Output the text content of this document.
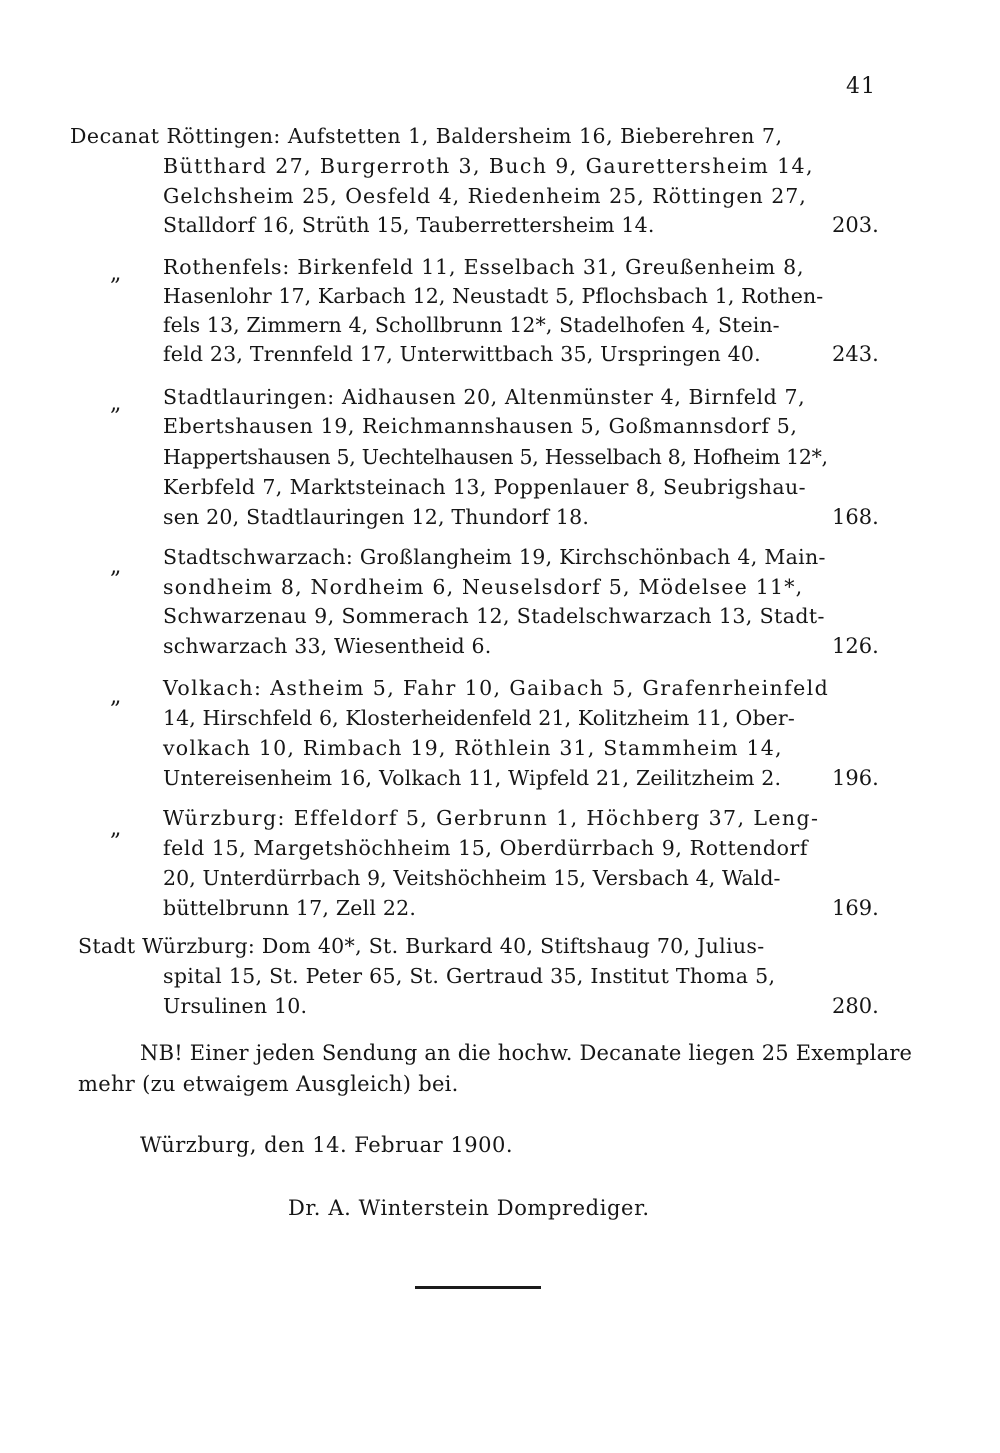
41
Decanat Röttingen: Aufstetten 1, Baldersheim 16, Bieberehren 7,
Bütthard 27, Burgerroth 3, Buch 9, Gaurettersheim 14,
Gelchsheim 25, Oesfeld 4, Riedenheim 25, Röttingen 27,
Stalldorf 16, Strüth 15, Tauberrettersheim 14.	203.
„ Rothenfels: Birkenfeld 11, Esselbach 31, Greußenheim 8,
Hasenlohr 17, Karbach 12, Neustadt 5, Pflochsbach 1, Rothen-
fels 13, Zimmern 4, Schollbrunn 12*, Stadelhofen 4, Stein-
feld 23, Trennfeld 17, Unterwittbach 35, Urspringen 40.	243.
„ Stadtlauringen: Aidhausen 20, Altenmünster 4, Birnfeld 7,
Ebertshausen 19, Reichmannshausen 5, Goßmannsdorf 5,
Happertshausen 5, Uechtelhausen 5, Hesselbach 8, Hofheim 12*,
Kerbfeld 7, Marktsteinach 13, Poppenlauer 8, Seubrigshau-
sen 20, Stadtlauringen 12, Thundorf 18.	168.
„ Stadtschwarzach: Großlangheim 19, Kirchschönbach 4, Main-
sondheim 8, Nordheim 6, Neuselsdorf 5, Mödelsee 11*,
Schwarzenau 9, Sommerach 12, Stadelschwarzach 13, Stadt-
schwarzach 33, Wiesentheid 6.	126.
„ Volkach: Astheim 5, Fahr 10, Gaibach 5, Grafenrheinfeld
14, Hirschfeld 6, Klosterheidenfeld 21, Kolitzheim 11, Ober-
volkach 10, Rimbach 19, Röthlein 31, Stammheim 14,
Untereisenheim 16, Volkach 11, Wipfeld 21, Zeilitzheim 2. 196.
„ Würzburg: Effeldorf 5, Gerbrunn 1, Höchberg 37, Leng-
feld 15, Margetshöchheim 15, Oberdürrbach 9, Rottendorf
20, Unterdürrbach 9, Veitshöchheim 15, Versbach 4, Wald-
büttelbrunn 17, Zell 22.	169.
Stadt Würzburg: Dom 40*, St. Burkard 40, Stiftshaug 70, Julius-
spital 15, St. Peter 65, St. Gertraud 35, Institut Thoma 5,
Ursulinen 10.	280.
NB! Einer jeden Sendung an die hochw. Decanate liegen 25 Exemplare
mehr (zu etwaigem Ausgleich) bei.
Würzburg, den 14. Februar 1900.
Dr. A. Winterstein Domprediger.
